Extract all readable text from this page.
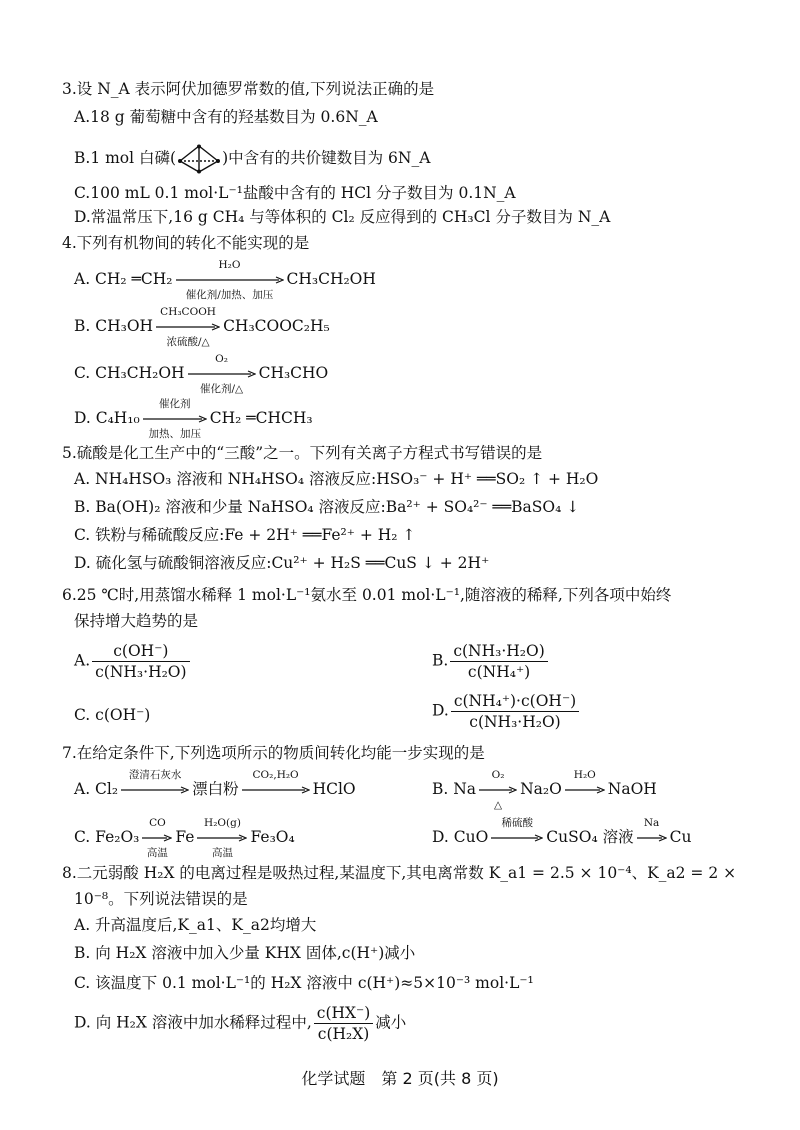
3.设 N_A 表示阿伏加德罗常数的值,下列说法正确的是
A.18 g 葡萄糖中含有的羟基数目为 0.6N_A
B.1 mol 白磷(	)中含有的共价键数目为 6N_A
C.100 mL 0.1 mol·L⁻¹盐酸中含有的 HCl 分子数目为 0.1N_A
D.常温常压下,16 g CH₄ 与等体积的 Cl₂ 反应得到的 CH₃Cl 分子数目为 N_A
4.下列有机物间的转化不能实现的是
A. CH₂ ═CH₂
H₂O
催化剂/加热、加压
CH₃CH₂OH
B. CH₃OH
CH₃COOH
浓硫酸/△
CH₃COOC₂H₅
C. CH₃CH₂OH
O₂
催化剂/△
CH₃CHO
D. C₄H₁₀
催化剂
加热、加压
CH₂ ═CHCH₃
5.硫酸是化工生产中的“三酸”之一。下列有关离子方程式书写错误的是
A. NH₄HSO₃ 溶液和 NH₄HSO₄ 溶液反应:HSO₃⁻ + H⁺ ══SO₂ ↑ + H₂O
B. Ba(OH)₂ 溶液和少量 NaHSO₄ 溶液反应:Ba²⁺ + SO₄²⁻ ══BaSO₄ ↓
C. 铁粉与稀硫酸反应:Fe + 2H⁺ ══Fe²⁺ + H₂ ↑
D. 硫化氢与硫酸铜溶液反应:Cu²⁺ + H₂S ══CuS ↓ + 2H⁺
6.25 ℃时,用蒸馏水稀释 1 mol·L⁻¹氨水至 0.01 mol·L⁻¹,随溶液的稀释,下列各项中始终
保持增大趋势的是
A. $\frac{c(OH^-)}{\text{c(NH₃·H₂O)}}$	B. $\frac{\text{c(NH₃·H₂O)}}{\text{c(NH₄⁺)}}$
C. c(OH⁻)	D. $\frac{\text{c(NH₄⁺)·c(OH⁻)}}{\text{c(NH₃·H₂O)}}$
7.在给定条件下,下列选项所示的物质间转化均能一步实现的是
A. Cl₂
澄清石灰水
漂白粉
CO₂,H₂O
HClO	B. Na
O₂
△
Na₂O
H₂O
NaOH
C. Fe₂O₃
CO
高温
Fe
H₂O(g)
高温
Fe₃O₄	D. CuO
稀硫酸
CuSO₄ 溶液
Na
Cu
8.二元弱酸 H₂X 的电离过程是吸热过程,某温度下,其电离常数 K_a1 = 2.5 × 10⁻⁴、K_a2 = 2 ×
10⁻⁸。下列说法错误的是
A. 升高温度后,K_a1、K_a2均增大
B. 向 H₂X 溶液中加入少量 KHX 固体,c(H⁺)减小
C. 该温度下 0.1 mol·L⁻¹的 H₂X 溶液中 c(H⁺)≈5×10⁻³ mol·L⁻¹
D. 向 H₂X 溶液中加水稀释过程中, $\frac{c(HX^-)}{\text{c(H₂X)}}$ 减小
化学试题　第 2 页(共 8 页)
